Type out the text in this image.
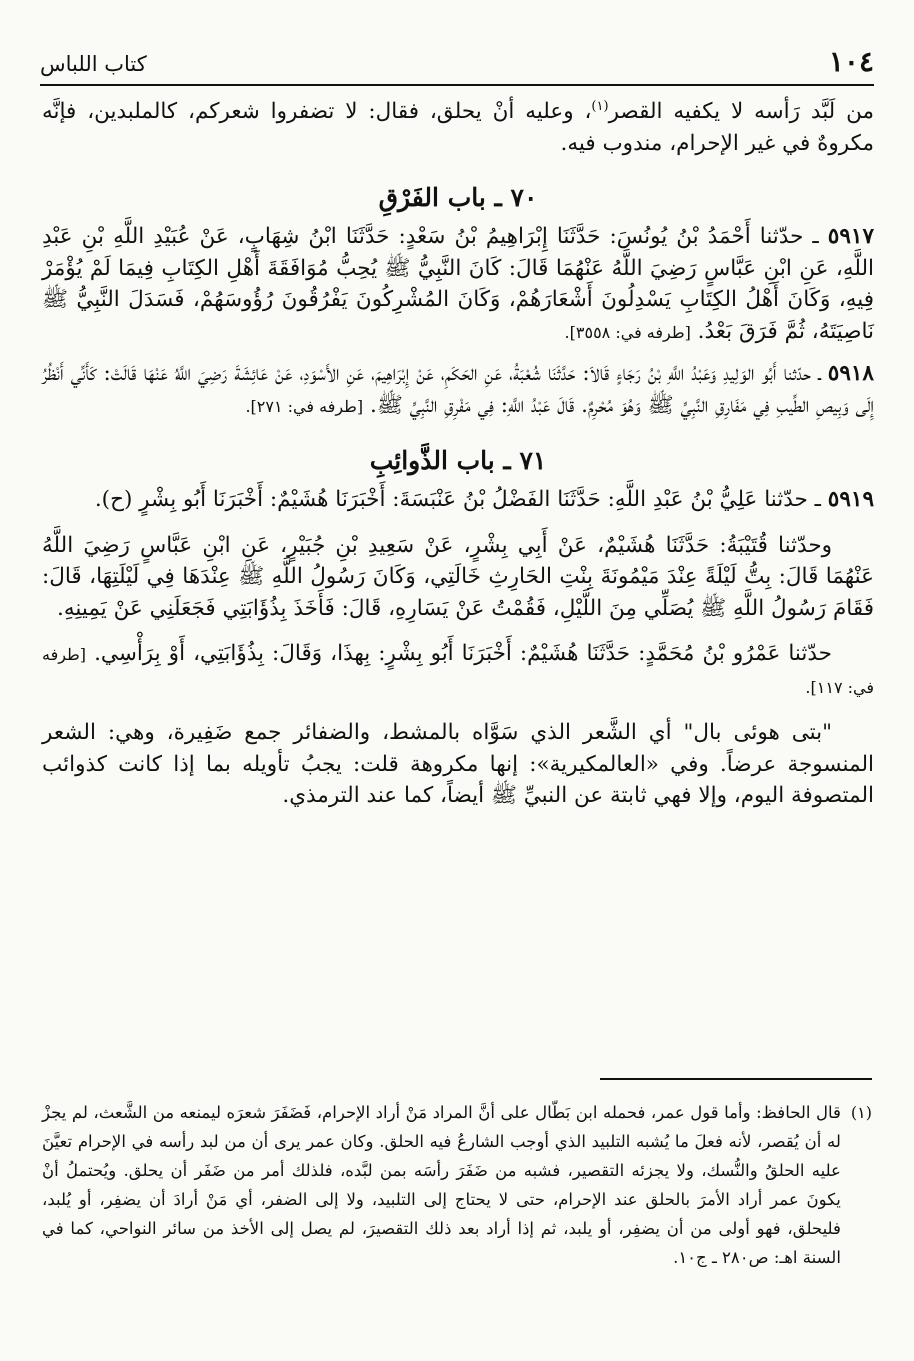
١٠٤
كتاب اللباس

من لَبَّد رَأسه لا يكفيه القصر$^{(١)}$، وعليه أنْ يحلق، فقال: لا تضفروا شعركم، كالملبدين، فإنَّه مكروهٌ في غير الإحرام، مندوب فيه.

٧٠ ـ باب الفَرْقِ

٥٩١٧ ـ حدّثنا أَحْمَدُ بْنُ يُونُسَ: حَدَّثَنَا إِبْرَاهِيمُ بْنُ سَعْدٍ: حَدَّثَنَا ابْنُ شِهَابٍ، عَنْ عُبَيْدِ اللَّهِ بْنِ عَبْدِ اللَّهِ، عَنِ ابْنِ عَبَّاسٍ رَضِيَ اللَّهُ عَنْهُمَا قَالَ: كَانَ النَّبِيُّ ﷺ يُحِبُّ مُوَافَقَةَ أَهْلِ الكِتَابِ فِيمَا لَمْ يُؤْمَرْ فِيهِ، وَكَانَ أَهْلُ الكِتَابِ يَسْدِلُونَ أَشْعَارَهُمْ، وَكَانَ المُشْرِكُونَ يَفْرُقُونَ رُؤُوسَهُمْ، فَسَدَلَ النَّبِيُّ ﷺ نَاصِيَتَهُ، ثُمَّ فَرَقَ بَعْدُ. [طرفه في: ٣٥٥٨].

٥٩١٨ ـ حدّثنا أَبُو الوَلِيدِ وَعَبْدُ اللَّهِ بْنُ رَجَاءٍ قَالاَ: حَدَّثَنَا شُعْبَةُ، عَنِ الحَكَمِ، عَنْ إِبْرَاهِيمَ، عَنِ الأَسْوَدِ، عَنْ عَائِشَةَ رَضِيَ اللَّهُ عَنْهَا قَالَتْ: كَأَنِّي أَنْظُرُ إِلَى وَبِيصِ الطِّيبِ فِي مَفَارِقِ النَّبِيِّ ﷺ وَهُوَ مُحْرِمٌ. قَالَ عَبْدُ اللَّهِ: فِي مَفْرِقِ النَّبِيِّ ﷺ. [طرفه في: ٢٧١].

٧١ ـ باب الذَّوائِبِ

٥٩١٩ ـ حدّثنا عَلِيُّ بْنُ عَبْدِ اللَّهِ: حَدَّثَنَا الفَضْلُ بْنُ عَنْبَسَةَ: أَخْبَرَنَا هُشَيْمٌ: أَخْبَرَنَا أَبُو بِشْرٍ (ح).

وحدّثنا قُتَيْبَةُ: حَدَّثَنَا هُشَيْمٌ، عَنْ أَبِي بِشْرٍ، عَنْ سَعِيدِ بْنِ جُبَيْرٍ، عَنِ ابْنِ عَبَّاسٍ رَضِيَ اللَّهُ عَنْهُمَا قَالَ: بِتُّ لَيْلَةً عِنْدَ مَيْمُونَةَ بِنْتِ الحَارِثِ خَالَتِي، وَكَانَ رَسُولُ اللَّهِ ﷺ عِنْدَهَا فِي لَيْلَتِهَا، قَالَ: فَقَامَ رَسُولُ اللَّهِ ﷺ يُصَلِّي مِنَ اللَّيْلِ، فَقُمْتُ عَنْ يَسَارِهِ، قَالَ: فَأَخَذَ بِذُؤَابَتِي فَجَعَلَنِي عَنْ يَمِينِهِ.

حدّثنا عَمْرُو بْنُ مُحَمَّدٍ: حَدَّثَنَا هُشَيْمٌ: أَخْبَرَنَا أَبُو بِشْرٍ: بِهذَا، وَقَالَ: بِذُؤَابَتِي، أَوْ بِرَأْسِي. [طرفه في: ١١٧].

"بتى هوئى بال" أي الشَّعر الذي سَوَّاه بالمشط، والضفائر جمع ضَفِيرة، وهي: الشعر المنسوجة عرضاً. وفي «العالمكيرية»: إنها مكروهة قلت: يجبُ تأويله بما إذا كانت كذوائب المتصوفة اليوم، وإلا فهي ثابتة عن النبيِّ ﷺ أيضاً، كما عند الترمذي.

(١)

قال الحافظ: وأما قول عمر، فحمله ابن بَطّال على أنَّ المراد مَنْ أراد الإحرام، فَضَفَرَ شعرَه ليمنعه من الشَّعث، لم يجزْ له أن يُقصر، لأنه فعلَ ما يُشبه التلبيد الذي أوجب الشارعُ فيه الحلق. وكان عمر يرى أن من لبد رأسه في الإحرام تعيَّنَ عليه الحلقُ والنُّسك، ولا يجزئه التقصير، فشبه من ضَفَرَ رأسَه بمن لبَّده، فلذلك أمر من ضَفَر أن يحلق. ويُحتملُ أنْ يكونَ عمر أراد الأمرَ بالحلق عند الإحرام، حتى لا يحتاج إلى التلبيد، ولا إلى الضفر، أي مَنْ أرادَ أن يضفِر، أو يُلبد، فليحلق، فهو أولى من أن يضفِر، أو يلبد، ثم إذا أراد بعد ذلك التقصيرَ، لم يصل إلى الأخذ من سائر النواحي، كما في السنة اهـ: ص٢٨٠ ـ ج١٠.
